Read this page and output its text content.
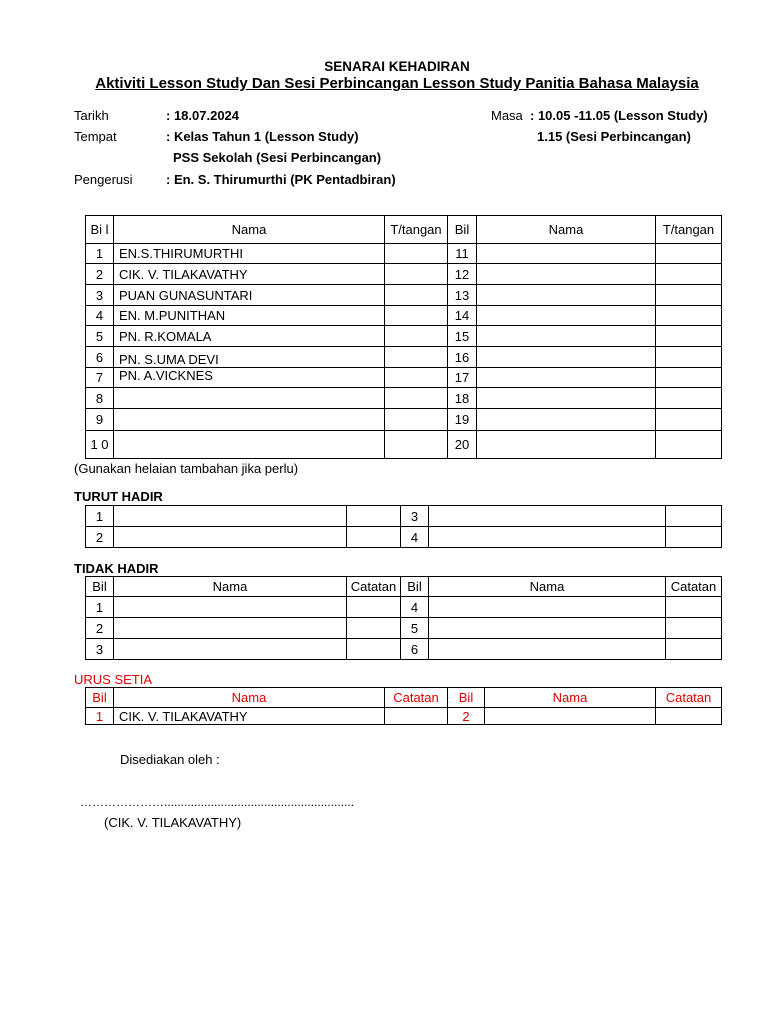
SENARAI KEHADIRAN
Aktiviti Lesson Study Dan Sesi Perbincangan Lesson Study Panitia Bahasa Malaysia
Tarikh	: 18.07.2024	Masa : 10.05 -11.05 (Lesson Study)
Tempat	: Kelas Tahun 1 (Lesson Study)	1.15 (Sesi Perbincangan)
PSS Sekolah (Sesi Perbincangan)
Pengerusi	: En. S. Thirumurthi (PK Pentadbiran)
Bi l	Nama	T/tangan	Bil	Nama	T/tangan
1	EN.S.THIRUMURTHI		11		
2	CIK. V. TILAKAVATHY		12		
3	PUAN GUNASUNTARI		13		
4	EN. M.PUNITHAN		14		
5	PN. R.KOMALA		15		
6	PN. S.UMA DEVI		16		
7	PN. A.VICKNES		17		
8			18		
9			19		
1 0			20		
(Gunakan helaian tambahan jika perlu)
TURUT HADIR
1			3		
2			4		
TIDAK HADIR
Bil	Nama	Catatan	Bil	Nama	Catatan
1			4		
2			5		
3			6		
URUS SETIA
Bil	Nama	Catatan	Bil	Nama	Catatan
1	CIK. V. TILAKAVATHY		2		
Disediakan oleh :
………………….........................................................
(CIK. V. TILAKAVATHY)
